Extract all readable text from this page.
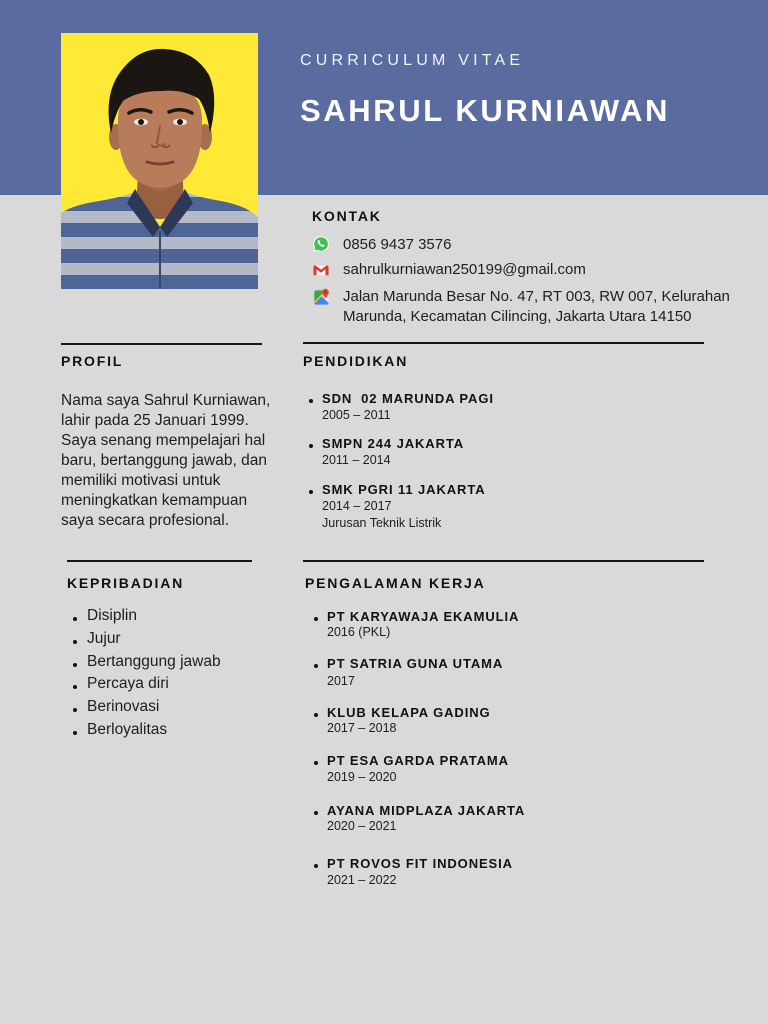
CURRICULUM VITAE
SAHRUL KURNIAWAN
KONTAK
0856 9437 3576
sahrulkurniawan250199@gmail.com
Jalan Marunda Besar No. 47, RT 003, RW 007, Kelurahan
Marunda, Kecamatan Cilincing, Jakarta Utara 14150
PROFIL
Nama saya Sahrul Kurniawan,
lahir pada 25 Januari 1999.
Saya senang mempelajari hal
baru, bertanggung jawab, dan
memiliki motivasi untuk
meningkatkan kemampuan
saya secara profesional.
PENDIDIKAN
SDN  02 MARUNDA PAGI
2005 – 2011
SMPN 244 JAKARTA
2011 – 2014
SMK PGRI 11 JAKARTA
2014 – 2017
Jurusan Teknik Listrik
KEPRIBADIAN
Disiplin
Jujur
Bertanggung jawab
Percaya diri
Berinovasi
Berloyalitas
PENGALAMAN KERJA
PT KARYAWAJA EKAMULIA
2016 (PKL)
PT SATRIA GUNA UTAMA
2017
KLUB KELAPA GADING
2017 – 2018
PT ESA GARDA PRATAMA
2019 – 2020
AYANA MIDPLAZA JAKARTA
2020 – 2021
PT ROVOS FIT INDONESIA
2021 – 2022
